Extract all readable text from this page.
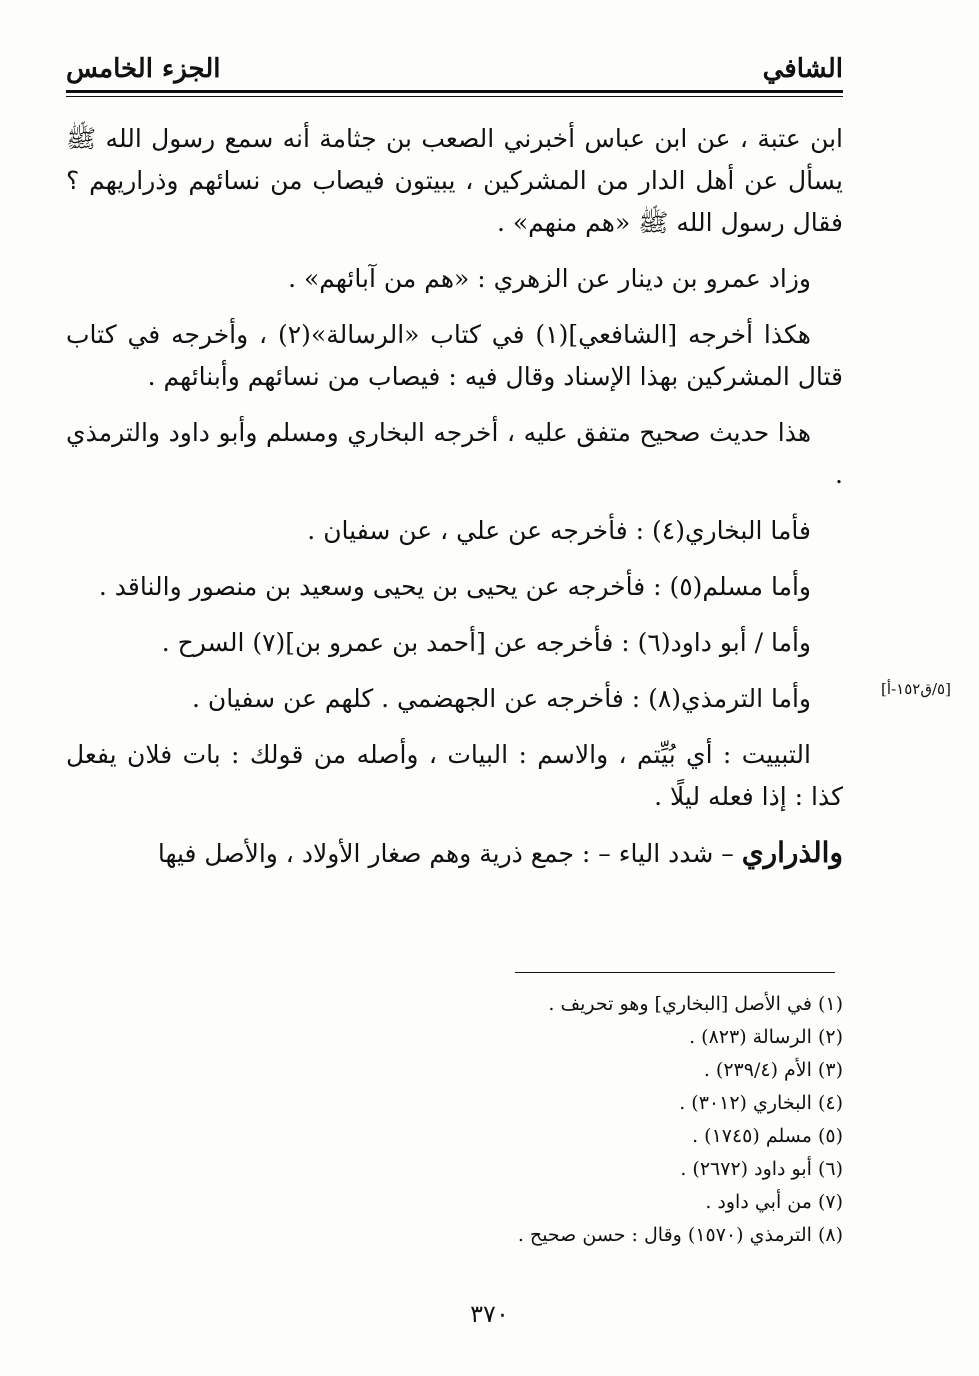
الشافي
الجزء الخامس

ابن عتبة ، عن ابن عباس أخبرني الصعب بن جثامة أنه سمع رسول الله ﷺ يسأل عن أهل الدار من المشركين ، يبيتون فيصاب من نسائهم وذراريهم ؟ فقال رسول الله ﷺ «هم منهم» .

وزاد عمرو بن دينار عن الزهري : «هم من آبائهم» .

هكذا أخرجه [الشافعي](١) في كتاب «الرسالة»(٢) ، وأخرجه في كتاب قتال المشركين بهذا الإسناد وقال فيه : فيصاب من نسائهم وأبنائهم .

هذا حديث صحيح متفق عليه ، أخرجه البخاري ومسلم وأبو داود والترمذي .

فأما البخاري(٤) : فأخرجه عن علي ، عن سفيان .

وأما مسلم(٥) : فأخرجه عن يحيى بن يحيى وسعيد بن منصور والناقد .

وأما / أبو داود(٦) : فأخرجه عن [أحمد بن عمرو بن](٧) السرح .

وأما الترمذي(٨) : فأخرجه عن الجهضمي . كلهم عن سفيان .

التبييت : أي بُيِّتم ، والاسم : البيات ، وأصله من قولك : بات فلان يفعل كذا : إذا فعله ليلًا .

والذراري – شدد الياء – : جمع ذرية وهم صغار الأولاد ، والأصل فيها

[٥/ق١٥٢-أ]
(١) في الأصل [البخاري] وهو تحريف .
(٢) الرسالة (٨٢٣) .
(٣) الأم (٢٣٩/٤) .
(٤) البخاري (٣٠١٢) .
(٥) مسلم (١٧٤٥) .
(٦) أبو داود (٢٦٧٢) .
(٧) من أبي داود .
(٨) الترمذي (١٥٧٠) وقال : حسن صحيح .
٣٧٠
